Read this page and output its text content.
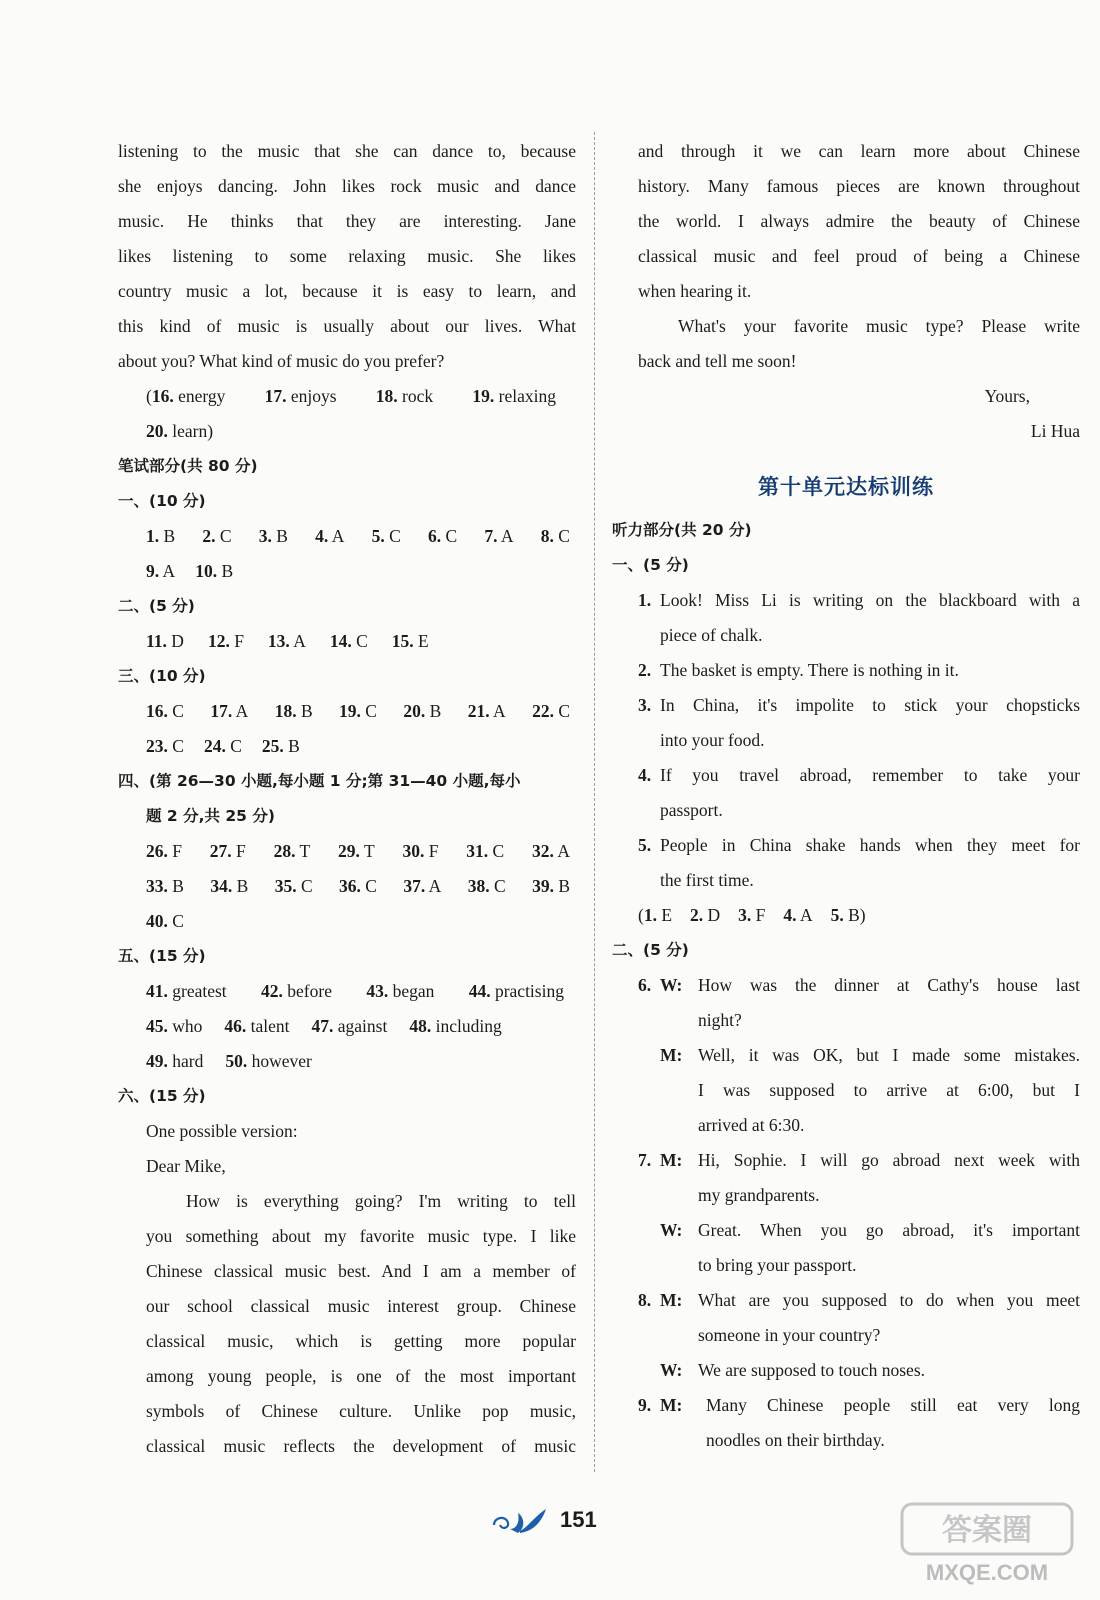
listening to the music that she can dance to, because
she enjoys dancing. John likes rock music and dance
music. He thinks that they are interesting. Jane
likes listening to some relaxing music. She likes
country music a lot, because it is easy to learn, and
this kind of music is usually about our lives. What
about you? What kind of music do you prefer?
(16. energy 17. enjoys 18. rock 19. relaxing
20. learn)
笔试部分(共 80 分)
一、(10 分)
1. B 2. C 3. B 4. A 5. C 6. C 7. A 8. C
9. A 10. B
二、(5 分)
11. D 12. F 13. A 14. C 15. E
三、(10 分)
16. C 17. A 18. B 19. C 20. B 21. A 22. C
23. C 24. C 25. B
四、(第 26—30 小题,每小题 1 分;第 31—40 小题,每小
题 2 分,共 25 分)
26. F 27. F 28. T 29. T 30. F 31. C 32. A
33. B 34. B 35. C 36. C 37. A 38. C 39. B
40. C
五、(15 分)
41. greatest 42. before 43. began 44. practising
45. who 46. talent 47. against 48. including
49. hard 50. however
六、(15 分)
One possible version:
Dear Mike,
How is everything going? I'm writing to tell
you something about my favorite music type. I like
Chinese classical music best. And I am a member of
our school classical music interest group. Chinese
classical music, which is getting more popular
among young people, is one of the most important
symbols of Chinese culture. Unlike pop music,
classical music reflects the development of music
and through it we can learn more about Chinese
history. Many famous pieces are known throughout
the world. I always admire the beauty of Chinese
classical music and feel proud of being a Chinese
when hearing it.
What's your favorite music type? Please write
back and tell me soon!
Yours,
Li Hua
第十单元达标训练
听力部分(共 20 分)
一、(5 分)
1. Look! Miss Li is writing on the blackboard with a
piece of chalk.
2. The basket is empty. There is nothing in it.
3. In China, it's impolite to stick your chopsticks
into your food.
4. If you travel abroad, remember to take your
passport.
5. People in China shake hands when they meet for
the first time.
(1. E 2. D 3. F 4. A 5. B)
二、(5 分)
6. W: How was the dinner at Cathy's house last
night?
M: Well, it was OK, but I made some mistakes.
I was supposed to arrive at 6:00, but I
arrived at 6:30.
7. M: Hi, Sophie. I will go abroad next week with
my grandparents.
W: Great. When you go abroad, it's important
to bring your passport.
8. M: What are you supposed to do when you meet
someone in your country?
W: We are supposed to touch noses.
9. M:	Many Chinese people still eat very long
noodles on their birthday.
151	答案圈
MXQE.COM
